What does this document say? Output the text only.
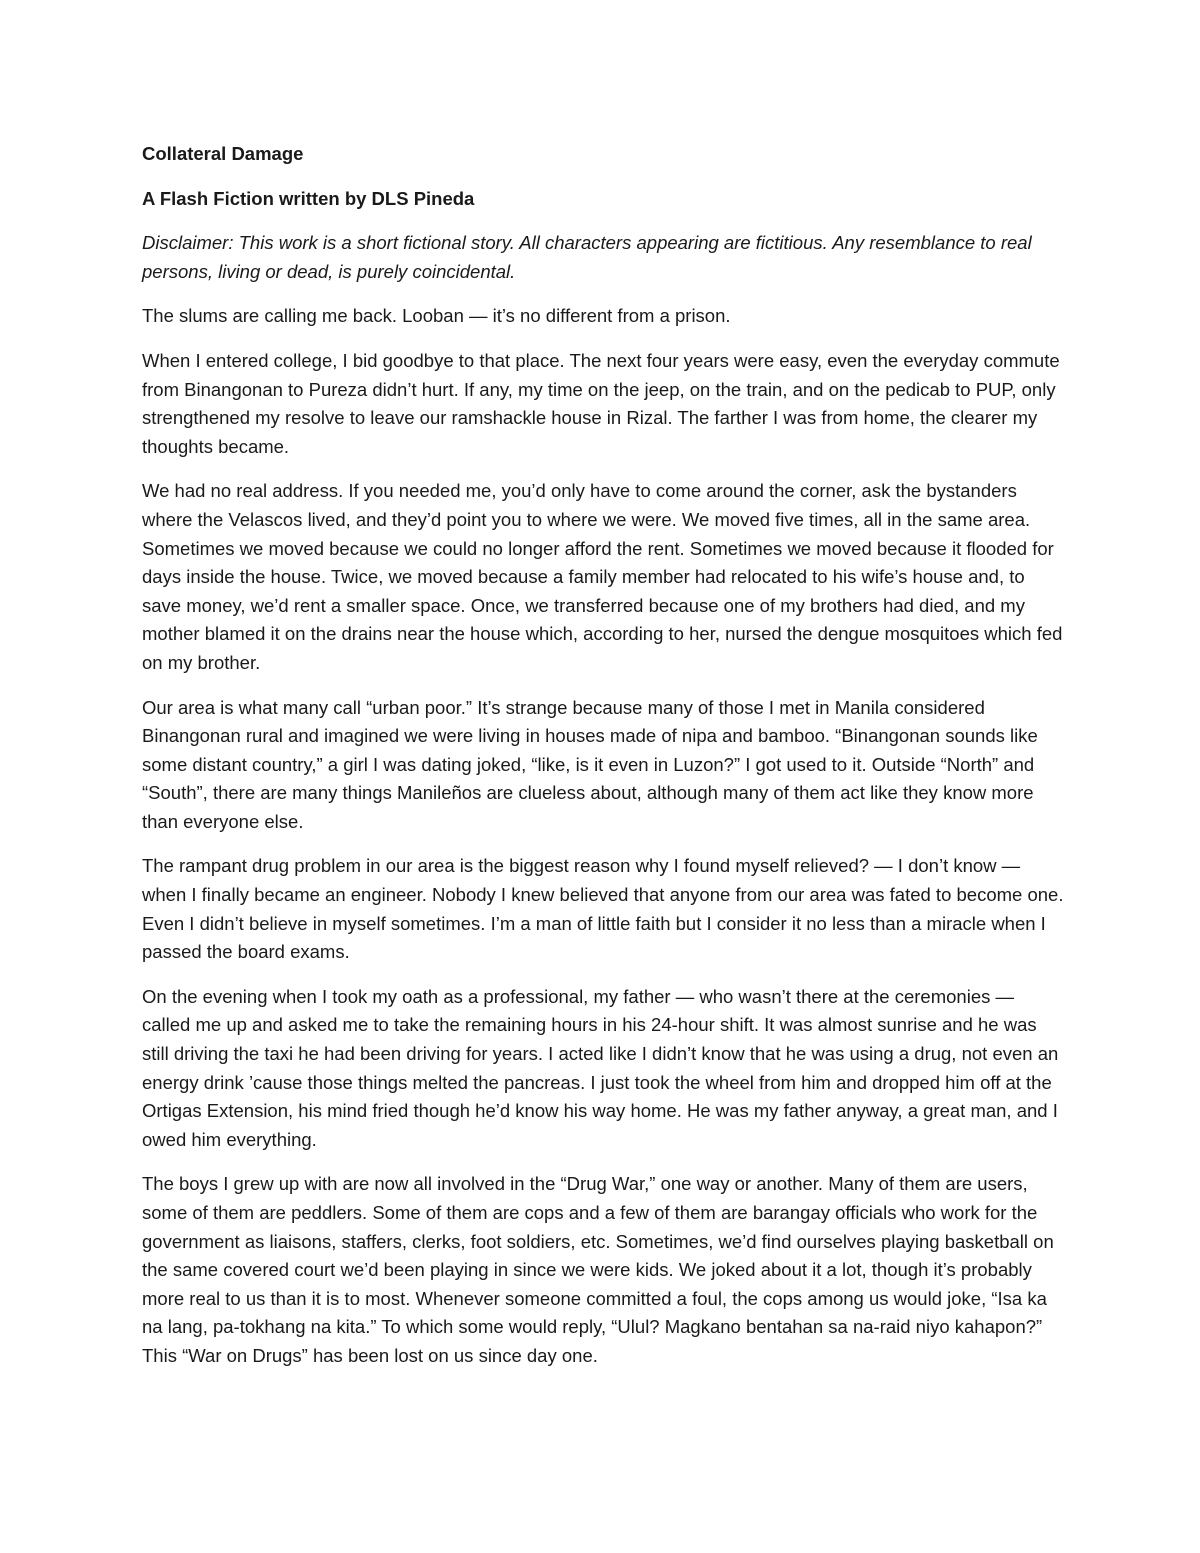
Collateral Damage

A Flash Fiction written by DLS Pineda

Disclaimer: This work is a short fictional story. All characters appearing are fictitious. Any resemblance to real persons, living or dead, is purely coincidental.

The slums are calling me back. Looban — it’s no different from a prison.

When I entered college, I bid goodbye to that place. The next four years were easy, even the everyday commute from Binangonan to Pureza didn’t hurt. If any, my time on the jeep, on the train, and on the pedicab to PUP, only strengthened my resolve to leave our ramshackle house in Rizal. The farther I was from home, the clearer my thoughts became.

We had no real address. If you needed me, you’d only have to come around the corner, ask the bystanders where the Velascos lived, and they’d point you to where we were. We moved five times, all in the same area. Sometimes we moved because we could no longer afford the rent. Sometimes we moved because it flooded for days inside the house. Twice, we moved because a family member had relocated to his wife’s house and, to save money, we’d rent a smaller space. Once, we transferred because one of my brothers had died, and my mother blamed it on the drains near the house which, according to her, nursed the dengue mosquitoes which fed on my brother.

Our area is what many call “urban poor.” It’s strange because many of those I met in Manila considered Binangonan rural and imagined we were living in houses made of nipa and bamboo. “Binangonan sounds like some distant country,” a girl I was dating joked, “like, is it even in Luzon?” I got used to it. Outside “North” and “South”, there are many things Manileños are clueless about, although many of them act like they know more than everyone else.

The rampant drug problem in our area is the biggest reason why I found myself relieved? — I don’t know — when I finally became an engineer. Nobody I knew believed that anyone from our area was fated to become one. Even I didn’t believe in myself sometimes. I’m a man of little faith but I consider it no less than a miracle when I passed the board exams.

On the evening when I took my oath as a professional, my father — who wasn’t there at the ceremonies — called me up and asked me to take the remaining hours in his 24-hour shift. It was almost sunrise and he was still driving the taxi he had been driving for years. I acted like I didn’t know that he was using a drug, not even an energy drink ’cause those things melted the pancreas. I just took the wheel from him and dropped him off at the Ortigas Extension, his mind fried though he’d know his way home. He was my father anyway, a great man, and I owed him everything.

The boys I grew up with are now all involved in the “Drug War,” one way or another. Many of them are users, some of them are peddlers. Some of them are cops and a few of them are barangay officials who work for the government as liaisons, staffers, clerks, foot soldiers, etc. Sometimes, we’d find ourselves playing basketball on the same covered court we’d been playing in since we were kids. We joked about it a lot, though it’s probably more real to us than it is to most. Whenever someone committed a foul, the cops among us would joke, “Isa ka na lang, pa-tokhang na kita.” To which some would reply, “Ulul? Magkano bentahan sa na-raid niyo kahapon?” This “War on Drugs” has been lost on us since day one.
